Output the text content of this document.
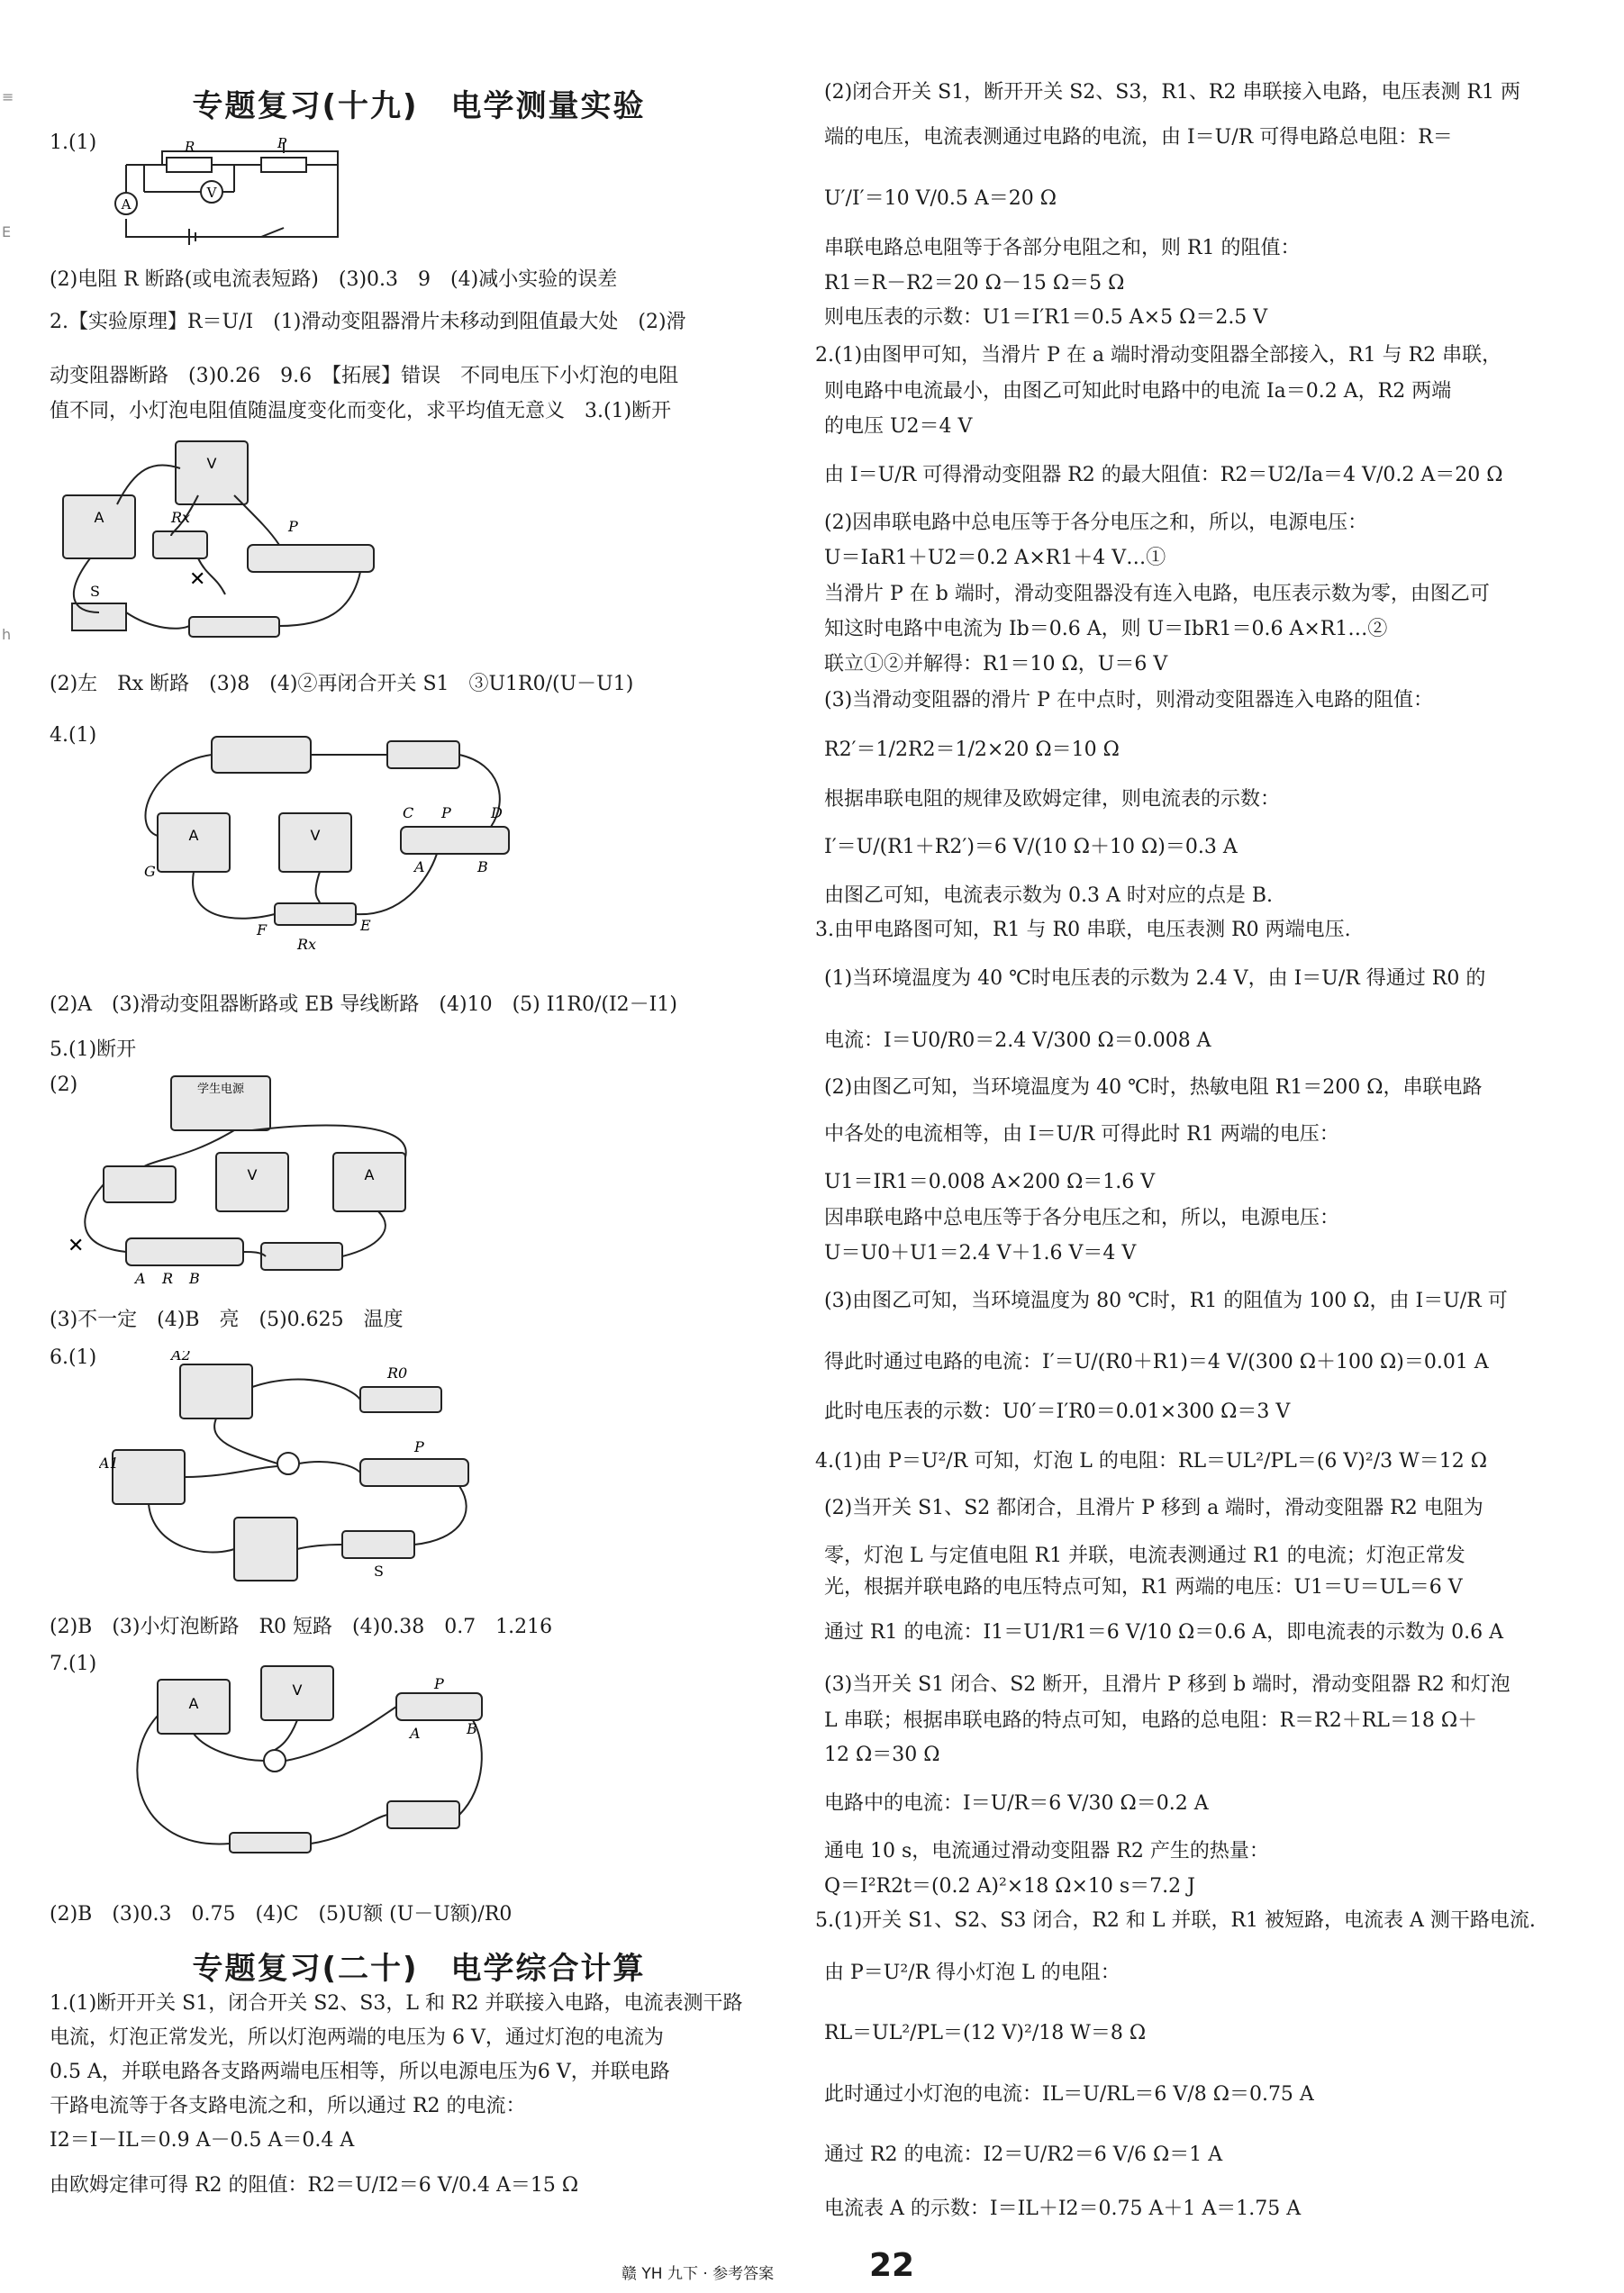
≡
E
h
专题复习(十九)　电学测量实验
1.(1)
V
A
R	P
(2)电阻 R 断路(或电流表短路)　(3)0.3　9　(4)减小实验的误差
2.【实验原理】R＝U/I　(1)滑动变阻器滑片未移动到阻值最大处　(2)滑
动变阻器断路　(3)0.26　9.6　【拓展】错误　不同电压下小灯泡的电阻
值不同，小灯泡电阻值随温度变化而变化，求平均值无意义　3.(1)断开
A
V
Rx
P
S
✕
(2)左　Rx 断路　(3)8　(4)②再闭合开关 S1　③U1R0/(U－U1)
4.(1)
A	V
C P	D
A	B
G
F	E
Rx
(2)A　(3)滑动变阻器断路或 EB 导线断路　(4)10　(5) I1R0/(I2－I1)
5.(1)断开
(2)	学生电源
V	A
✕
A R B
(3)不一定　(4)B　亮　(5)0.625　温度
6.(1)	A2
R0
A1
P
S
(2)B　(3)小灯泡断路　R0 短路　(4)0.38　0.7　1.216
7.(1)
A
V	P
A	B
(2)B　(3)0.3　0.75　(4)C　(5)U额 (U－U额)/R0
专题复习(二十)　电学综合计算
1.(1)断开开关 S1，闭合开关 S2、S3，L 和 R2 并联接入电路，电流表测干路
电流，灯泡正常发光，所以灯泡两端的电压为 6 V，通过灯泡的电流为
0.5 A，并联电路各支路两端电压相等，所以电源电压为6 V，并联电路
干路电流等于各支路电流之和，所以通过 R2 的电流：
I2＝I－IL＝0.9 A－0.5 A＝0.4 A
由欧姆定律可得 R2 的阻值：R2＝U/I2＝6 V/0.4 A＝15 Ω
(2)闭合开关 S1，断开开关 S2、S3，R1、R2 串联接入电路，电压表测 R1 两
端的电压，电流表测通过电路的电流，由 I＝U/R 可得电路总电阻：R＝
U′/I′＝10 V/0.5 A＝20 Ω
串联电路总电阻等于各部分电阻之和，则 R1 的阻值：
R1＝R－R2＝20 Ω－15 Ω＝5 Ω
则电压表的示数：U1＝I′R1＝0.5 A×5 Ω＝2.5 V
2.(1)由图甲可知，当滑片 P 在 a 端时滑动变阻器全部接入，R1 与 R2 串联，
则电路中电流最小，由图乙可知此时电路中的电流 Ia＝0.2 A，R2 两端
的电压 U2＝4 V
由 I＝U/R 可得滑动变阻器 R2 的最大阻值：R2＝U2/Ia＝4 V/0.2 A＝20 Ω
(2)因串联电路中总电压等于各分电压之和，所以，电源电压：
U＝IaR1＋U2＝0.2 A×R1＋4 V…①
当滑片 P 在 b 端时，滑动变阻器没有连入电路，电压表示数为零，由图乙可
知这时电路中电流为 Ib＝0.6 A，则 U＝IbR1＝0.6 A×R1…②
联立①②并解得：R1＝10 Ω，U＝6 V
(3)当滑动变阻器的滑片 P 在中点时，则滑动变阻器连入电路的阻值：
R2′＝1/2R2＝1/2×20 Ω＝10 Ω
根据串联电阻的规律及欧姆定律，则电流表的示数：
I′＝U/(R1＋R2′)＝6 V/(10 Ω＋10 Ω)＝0.3 A
由图乙可知，电流表示数为 0.3 A 时对应的点是 B.
3.由甲电路图可知，R1 与 R0 串联，电压表测 R0 两端电压.
(1)当环境温度为 40 ℃时电压表的示数为 2.4 V，由 I＝U/R 得通过 R0 的
电流：I＝U0/R0＝2.4 V/300 Ω＝0.008 A
(2)由图乙可知，当环境温度为 40 ℃时，热敏电阻 R1＝200 Ω，串联电路
中各处的电流相等，由 I＝U/R 可得此时 R1 两端的电压：
U1＝IR1＝0.008 A×200 Ω＝1.6 V
因串联电路中总电压等于各分电压之和，所以，电源电压：
U＝U0＋U1＝2.4 V＋1.6 V＝4 V
(3)由图乙可知，当环境温度为 80 ℃时，R1 的阻值为 100 Ω，由 I＝U/R 可
得此时通过电路的电流：I′＝U/(R0＋R1)＝4 V/(300 Ω＋100 Ω)＝0.01 A
此时电压表的示数：U0′＝I′R0＝0.01×300 Ω＝3 V
4.(1)由 P＝U²/R 可知，灯泡 L 的电阻：RL＝UL²/PL＝(6 V)²/3 W＝12 Ω
(2)当开关 S1、S2 都闭合，且滑片 P 移到 a 端时，滑动变阻器 R2 电阻为
零，灯泡 L 与定值电阻 R1 并联，电流表测通过 R1 的电流；灯泡正常发
光，根据并联电路的电压特点可知，R1 两端的电压：U1＝U＝UL＝6 V
通过 R1 的电流：I1＝U1/R1＝6 V/10 Ω＝0.6 A，即电流表的示数为 0.6 A
(3)当开关 S1 闭合、S2 断开，且滑片 P 移到 b 端时，滑动变阻器 R2 和灯泡
L 串联；根据串联电路的特点可知，电路的总电阻：R＝R2＋RL＝18 Ω＋
12 Ω＝30 Ω
电路中的电流：I＝U/R＝6 V/30 Ω＝0.2 A
通电 10 s，电流通过滑动变阻器 R2 产生的热量：
Q＝I²R2t＝(0.2 A)²×18 Ω×10 s＝7.2 J
5.(1)开关 S1、S2、S3 闭合，R2 和 L 并联，R1 被短路，电流表 A 测干路电流.
由 P＝U²/R 得小灯泡 L 的电阻：
RL＝UL²/PL＝(12 V)²/18 W＝8 Ω
此时通过小灯泡的电流：IL＝U/RL＝6 V/8 Ω＝0.75 A
通过 R2 的电流：I2＝U/R2＝6 V/6 Ω＝1 A
电流表 A 的示数：I＝IL＋I2＝0.75 A＋1 A＝1.75 A
赣 YH 九下 · 参考答案	22
